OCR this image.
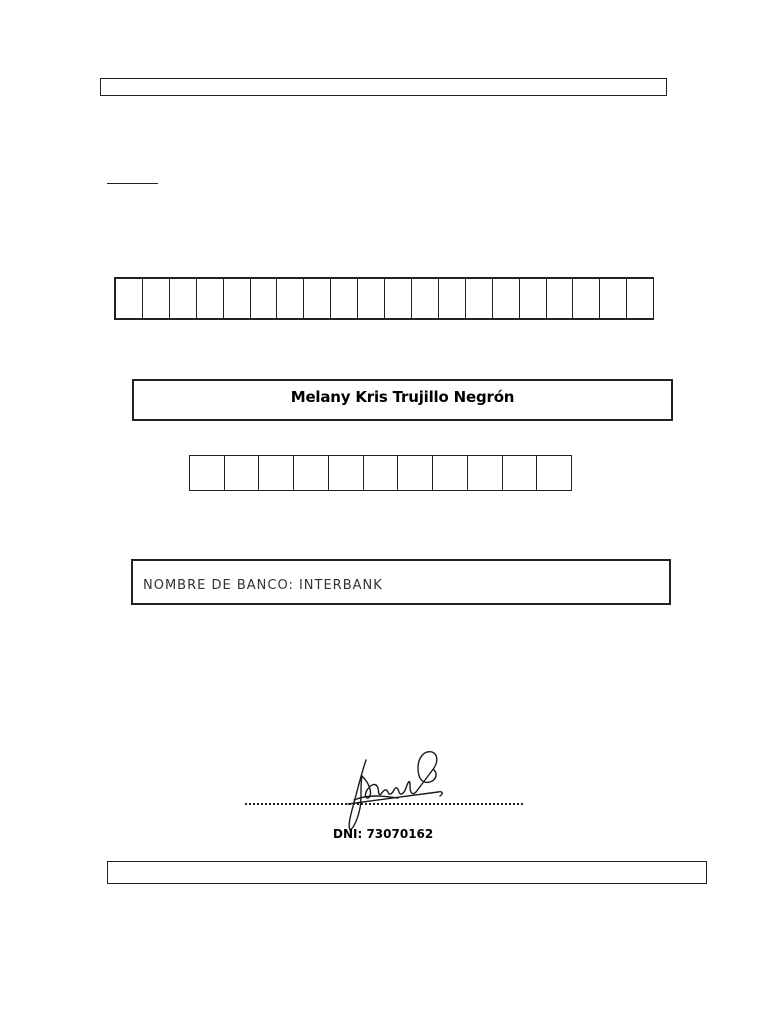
Melany Kris Trujillo Negrón
NOMBRE DE BANCO: INTERBANK
DNI: 73070162
